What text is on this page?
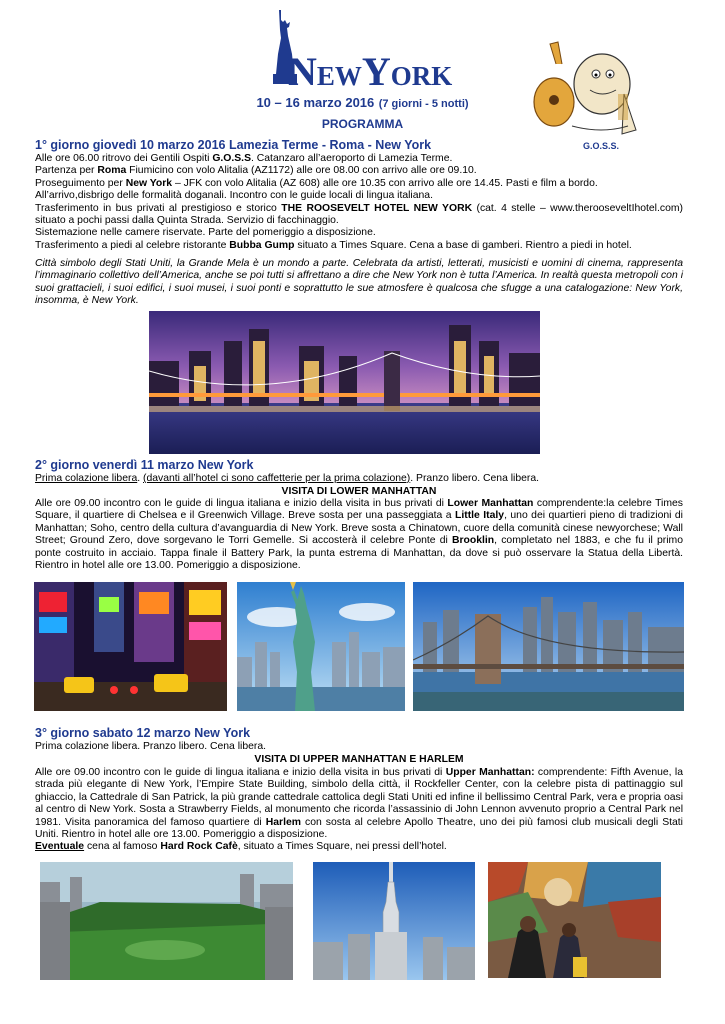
NEWYORK
10 – 16 marzo 2016 (7 giorni - 5 notti)
PROGRAMMA
1° giorno giovedì 10 marzo 2016 Lamezia Terme - Roma - New York	G.O.S.S.

Alle ore 06.00 ritrovo dei Gentili Ospiti G.O.S.S. Catanzaro all’aeroporto di Lamezia Terme.

Partenza per Roma Fiumicino con volo Alitalia (AZ1172) alle ore 08.00 con arrivo alle ore 09.10.

Proseguimento per New York – JFK con volo Alitalia (AZ 608) alle ore 10.35 con arrivo alle ore 14.45. Pasti e film a bordo.

All’arrivo,disbrigo delle formalità doganali. Incontro con le guide locali di lingua italiana.

Trasferimento in bus privati al prestigioso e storico THE ROOSEVELT HOTEL NEW YORK (cat. 4 stelle – www.therooseveltIhotel.com) situato a pochi passi dalla Quinta Strada. Servizio di facchinaggio.

Sistemazione nelle camere riservate. Parte del pomeriggio a disposizione.

Trasferimento a piedi al celebre ristorante Bubba Gump situato a Times Square. Cena a base di gamberi. Rientro a piedi in hotel.

Città simbolo degli Stati Uniti, la Grande Mela è un mondo a parte. Celebrata da artisti, letterati, musicisti e uomini di cinema, rappresenta l’immaginario collettivo dell’America, anche se poi tutti si affrettano a dire che New York non è tutta l’America. In realtà questa metropoli con i suoi grattacieli, i suoi edifici, i suoi musei, i suoi ponti e soprattutto le sue atmosfere è qualcosa che sfugge a una catalogazione: New York, insomma, è New York.
2° giorno venerdì 11 marzo New York
Prima colazione libera. (davanti all’hotel ci sono caffetterie per la prima colazione). Pranzo libero. Cena libera.
VISITA DI LOWER MANHATTAN
Alle ore 09.00 incontro con le guide di lingua italiana e inizio della visita in bus privati di Lower Manhattan comprendente:la celebre Times Square, il quartiere di Chelsea e il Greenwich Village. Breve sosta per una passeggiata a Little Italy, uno dei quartieri pieno di tradizioni di Manhattan; Soho, centro della cultura d’avanguardia di New York. Breve sosta a Chinatown, cuore della comunità cinese newyorchese; Wall Street; Ground Zero, dove sorgevano le Torri Gemelle. Si accosterà il celebre Ponte di Brooklin, completato nel 1883, e che fu il primo ponte costruito in acciaio. Tappa finale il Battery Park, la punta estrema di Manhattan, da dove si può osservare la Statua della Libertà. Rientro in hotel alle ore 13.00. Pomeriggio a disposizione.
3° giorno sabato 12 marzo New York
Prima colazione libera. Pranzo libero. Cena libera.
VISITA DI UPPER MANHATTAN E HARLEM
Alle ore 09.00 incontro con le guide di lingua italiana e inizio della visita in bus privati di Upper Manhattan: comprendente: Fifth Avenue, la strada più elegante di New York, l’Empire State Building, simbolo della città, il Rockfeller Center, con la celebre pista di pattinaggio sul ghiaccio, la Cattedrale di San Patrick, la più grande cattedrale cattolica degli Stati Uniti ed infine il bellissimo Central Park, vera e propria oasi al centro di New York. Sosta a Strawberry Fields, al monumento che ricorda l’assassinio di John Lennon avvenuto proprio a Central Park nel 1981. Visita panoramica del famoso quartiere di Harlem con sosta al celebre Apollo Theatre, uno dei più famosi club musicali degli Stati Uniti. Rientro in hotel alle ore 13.00. Pomeriggio a disposizione.
Eventuale cena al famoso Hard Rock Cafè, situato a Times Square, nei pressi dell’hotel.
